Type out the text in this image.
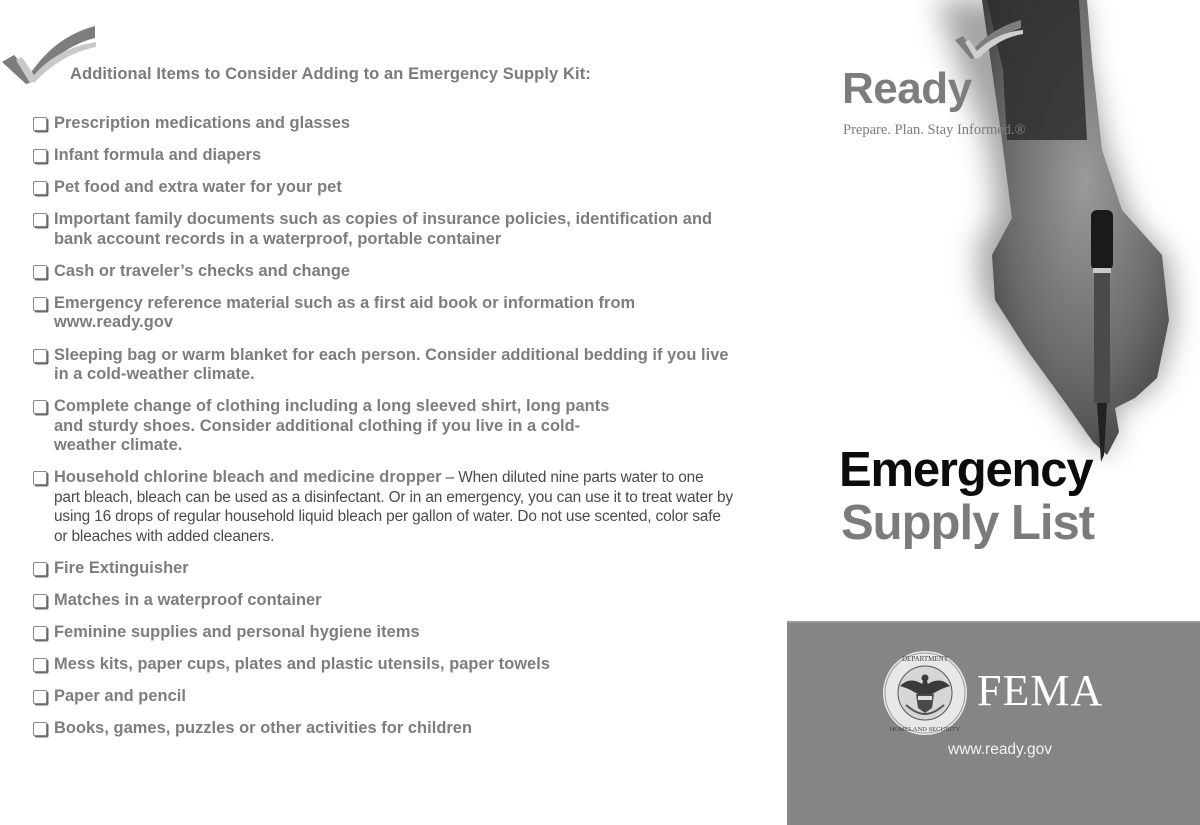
Additional Items to Consider Adding to an Emergency Supply Kit:
Prescription medications and glasses
Infant formula and diapers
Pet food and extra water for your pet
Important family documents such as copies of insurance policies, identification and bank account records in a waterproof, portable container
Cash or traveler’s checks and change
Emergency reference material such as a first aid book or information from www.ready.gov
Sleeping bag or warm blanket for each person. Consider additional bedding if you live in a cold-weather climate.
Complete change of clothing including a long sleeved shirt, long pants and sturdy shoes. Consider additional clothing if you live in a cold-weather climate.
Household chlorine bleach and medicine dropper – When diluted nine parts water to one part bleach, bleach can be used as a disinfectant. Or in an emergency, you can use it to treat water by using 16 drops of regular household liquid bleach per gallon of water. Do not use scented, color safe or bleaches with added cleaners.
Fire Extinguisher
Matches in a waterproof container
Feminine supplies and personal hygiene items
Mess kits, paper cups, plates and plastic utensils, paper towels
Paper and pencil
Books, games, puzzles or other activities for children
Ready
Prepare. Plan. Stay Informed.®
Emergency
Supply List
DEPARTMENT
HOMELAND SECURITY
FEMA
www.ready.gov
